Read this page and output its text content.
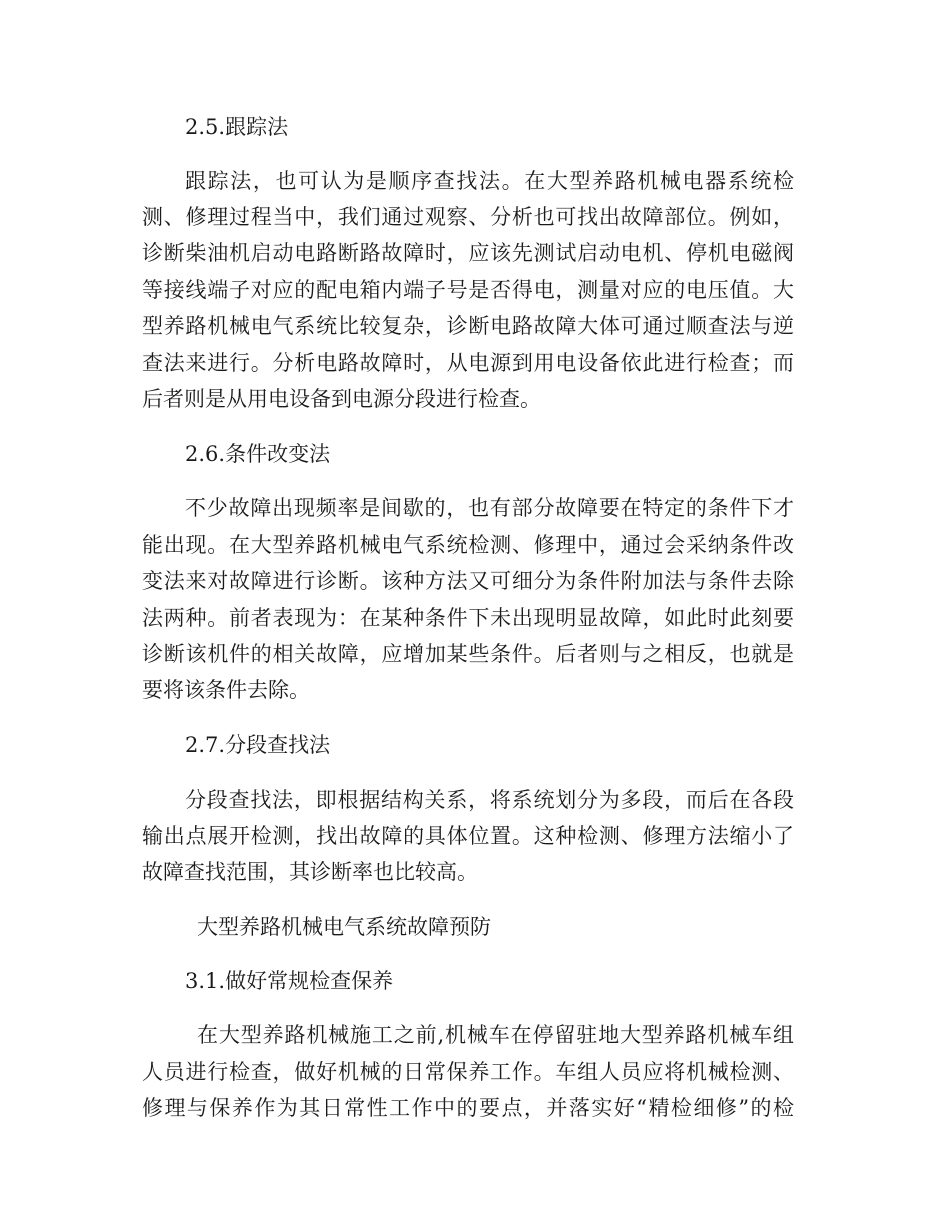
2.5.跟踪法
跟踪法，也可认为是顺序查找法。在大型养路机械电器系统检
测、修理过程当中，我们通过观察、分析也可找出故障部位。例如，
诊断柴油机启动电路断路故障时，应该先测试启动电机、停机电磁阀
等接线端子对应的配电箱内端子号是否得电，测量对应的电压值。大
型养路机械电气系统比较复杂，诊断电路故障大体可通过顺查法与逆
查法来进行。分析电路故障时，从电源到用电设备依此进行检查；而
后者则是从用电设备到电源分段进行检查。
2.6.条件改变法
不少故障出现频率是间歇的，也有部分故障要在特定的条件下才
能出现。在大型养路机械电气系统检测、修理中，通过会采纳条件改
变法来对故障进行诊断。该种方法又可细分为条件附加法与条件去除
法两种。前者表现为：在某种条件下未出现明显故障，如此时此刻要
诊断该机件的相关故障，应增加某些条件。后者则与之相反，也就是
要将该条件去除。
2.7.分段查找法
分段查找法，即根据结构关系，将系统划分为多段，而后在各段
输出点展开检测，找出故障的具体位置。这种检测、修理方法缩小了
故障查找范围，其诊断率也比较高。
大型养路机械电气系统故障预防
3.1.做好常规检查保养
在大型养路机械施工之前,机械车在停留驻地大型养路机械车组
人员进行检查，做好机械的日常保养工作。车组人员应将机械检测、
修理与保养作为其日常性工作中的要点，并落实好“精检细修”的检
